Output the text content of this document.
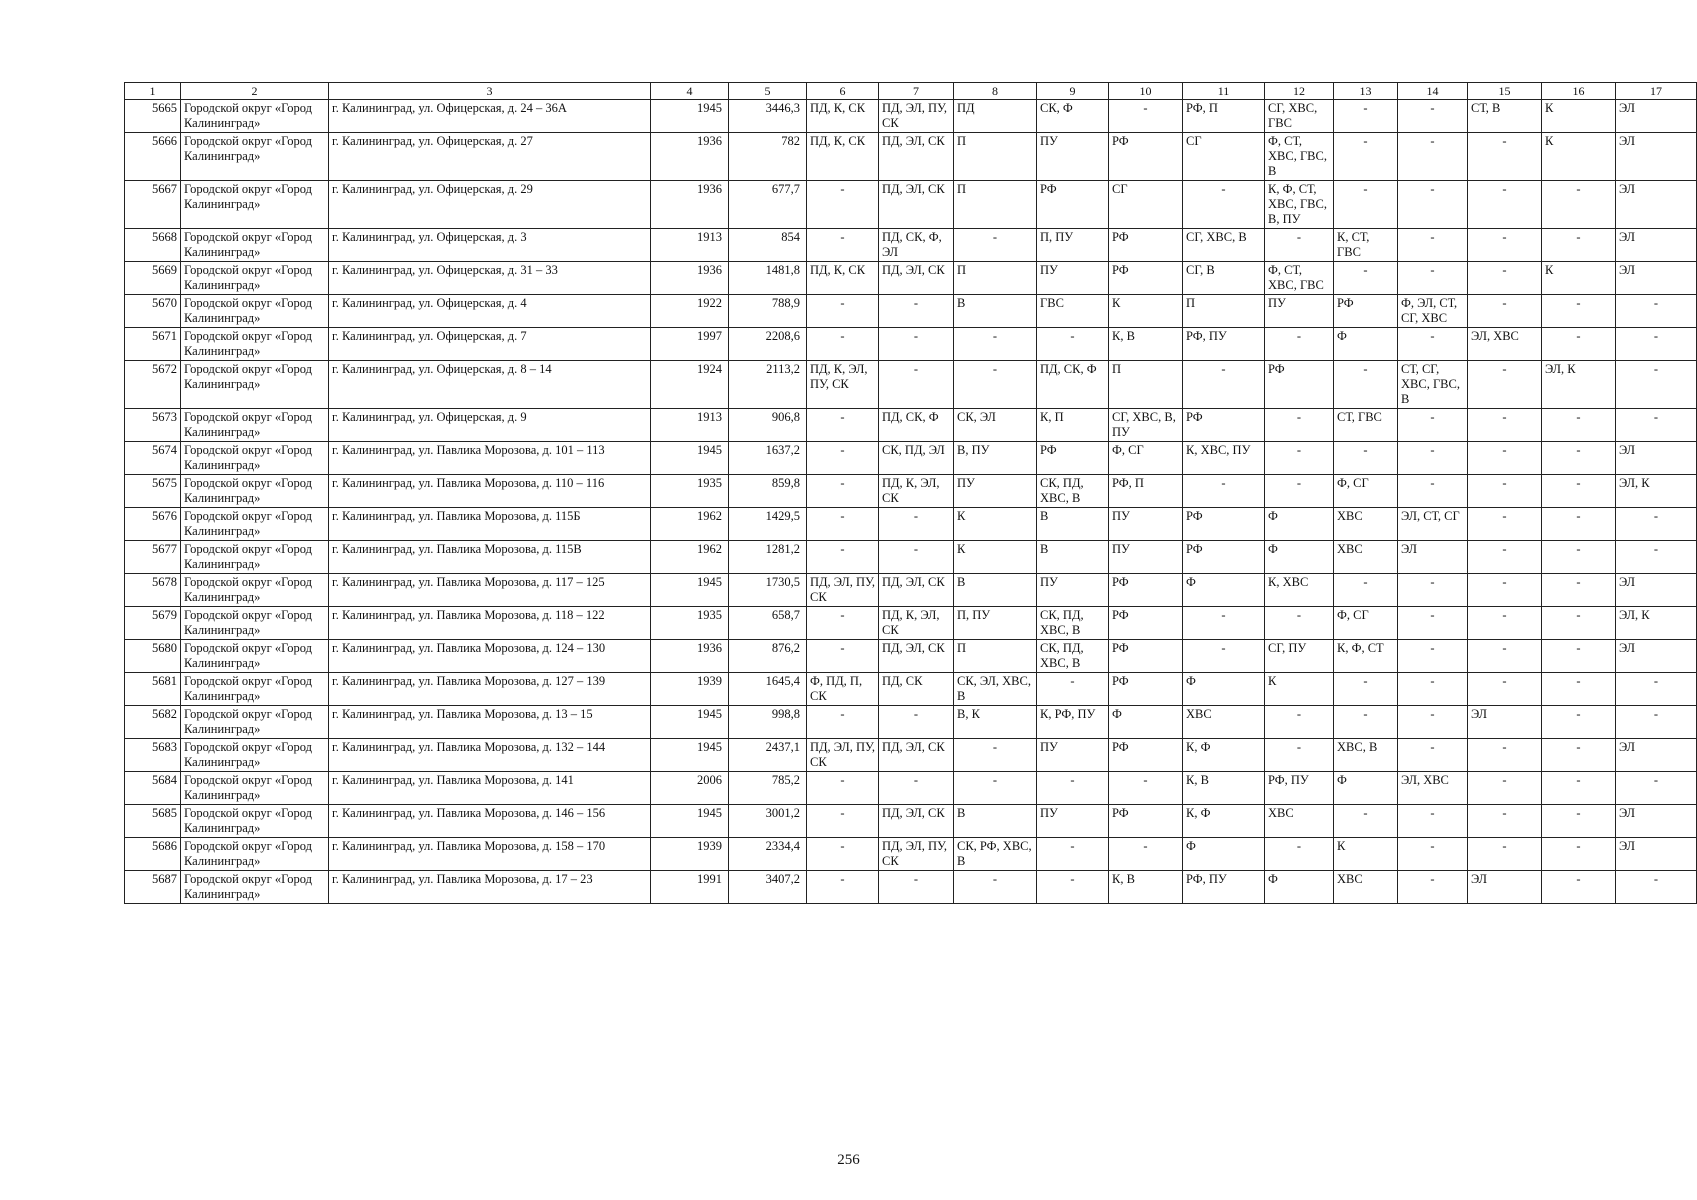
1	2	3	4	5	6	7	8	9	10	11	12	13	14	15	16	17
5665	Городской округ «Город Калининград»	г. Калининград, ул. Офицерская, д. 24 – 36А	1945	3446,3	ПД, К, СК	ПД, ЭЛ, ПУ, СК	ПД	СК, Ф	-	РФ, П	СГ, ХВС, ГВС	-	-	СТ, В	К	ЭЛ
5666	Городской округ «Город Калининград»	г. Калининград, ул. Офицерская, д. 27	1936	782	ПД, К, СК	ПД, ЭЛ, СК	П	ПУ	РФ	СГ	Ф, СТ, ХВС, ГВС, В	-	-	-	К	ЭЛ
5667	Городской округ «Город Калининград»	г. Калининград, ул. Офицерская, д. 29	1936	677,7	-	ПД, ЭЛ, СК	П	РФ	СГ	-	К, Ф, СТ, ХВС, ГВС, В, ПУ	-	-	-	-	ЭЛ
5668	Городской округ «Город Калининград»	г. Калининград, ул. Офицерская, д. 3	1913	854	-	ПД, СК, Ф, ЭЛ	-	П, ПУ	РФ	СГ, ХВС, В	-	К, СТ, ГВС	-	-	-	ЭЛ
5669	Городской округ «Город Калининград»	г. Калининград, ул. Офицерская, д. 31 – 33	1936	1481,8	ПД, К, СК	ПД, ЭЛ, СК	П	ПУ	РФ	СГ, В	Ф, СТ, ХВС, ГВС	-	-	-	К	ЭЛ
5670	Городской округ «Город Калининград»	г. Калининград, ул. Офицерская, д. 4	1922	788,9	-	-	В	ГВС	К	П	ПУ	РФ	Ф, ЭЛ, СТ, СГ, ХВС	-	-	-
5671	Городской округ «Город Калининград»	г. Калининград, ул. Офицерская, д. 7	1997	2208,6	-	-	-	-	К, В	РФ, ПУ	-	Ф	-	ЭЛ, ХВС	-	-
5672	Городской округ «Город Калининград»	г. Калининград, ул. Офицерская, д. 8 – 14	1924	2113,2	ПД, К, ЭЛ, ПУ, СК	-	-	ПД, СК, Ф	П	-	РФ	-	СТ, СГ, ХВС, ГВС, В	-	ЭЛ, К	-
5673	Городской округ «Город Калининград»	г. Калининград, ул. Офицерская, д. 9	1913	906,8	-	ПД, СК, Ф	СК, ЭЛ	К, П	СГ, ХВС, В, ПУ	РФ	-	СТ, ГВС	-	-	-	-
5674	Городской округ «Город Калининград»	г. Калининград, ул. Павлика Морозова, д. 101 – 113	1945	1637,2	-	СК, ПД, ЭЛ	В, ПУ	РФ	Ф, СГ	К, ХВС, ПУ	-	-	-	-	-	ЭЛ
5675	Городской округ «Город Калининград»	г. Калининград, ул. Павлика Морозова, д. 110 – 116	1935	859,8	-	ПД, К, ЭЛ, СК	ПУ	СК, ПД, ХВС, В	РФ, П	-	-	Ф, СГ	-	-	-	ЭЛ, К
5676	Городской округ «Город Калининград»	г. Калининград, ул. Павлика Морозова, д. 115Б	1962	1429,5	-	-	К	В	ПУ	РФ	Ф	ХВС	ЭЛ, СТ, СГ	-	-	-
5677	Городской округ «Город Калининград»	г. Калининград, ул. Павлика Морозова, д. 115В	1962	1281,2	-	-	К	В	ПУ	РФ	Ф	ХВС	ЭЛ	-	-	-
5678	Городской округ «Город Калининград»	г. Калининград, ул. Павлика Морозова, д. 117 – 125	1945	1730,5	ПД, ЭЛ, ПУ, СК	ПД, ЭЛ, СК	В	ПУ	РФ	Ф	К, ХВС	-	-	-	-	ЭЛ
5679	Городской округ «Город Калининград»	г. Калининград, ул. Павлика Морозова, д. 118 – 122	1935	658,7	-	ПД, К, ЭЛ, СК	П, ПУ	СК, ПД, ХВС, В	РФ	-	-	Ф, СГ	-	-	-	ЭЛ, К
5680	Городской округ «Город Калининград»	г. Калининград, ул. Павлика Морозова, д. 124 – 130	1936	876,2	-	ПД, ЭЛ, СК	П	СК, ПД, ХВС, В	РФ	-	СГ, ПУ	К, Ф, СТ	-	-	-	ЭЛ
5681	Городской округ «Город Калининград»	г. Калининград, ул. Павлика Морозова, д. 127 – 139	1939	1645,4	Ф, ПД, П, СК	ПД, СК	СК, ЭЛ, ХВС, В	-	РФ	Ф	К	-	-	-	-	-
5682	Городской округ «Город Калининград»	г. Калининград, ул. Павлика Морозова, д. 13 – 15	1945	998,8	-	-	В, К	К, РФ, ПУ	Ф	ХВС	-	-	-	ЭЛ	-	-
5683	Городской округ «Город Калининград»	г. Калининград, ул. Павлика Морозова, д. 132 – 144	1945	2437,1	ПД, ЭЛ, ПУ, СК	ПД, ЭЛ, СК	-	ПУ	РФ	К, Ф	-	ХВС, В	-	-	-	ЭЛ
5684	Городской округ «Город Калининград»	г. Калининград, ул. Павлика Морозова, д. 141	2006	785,2	-	-	-	-	-	К, В	РФ, ПУ	Ф	ЭЛ, ХВС	-	-	-
5685	Городской округ «Город Калининград»	г. Калининград, ул. Павлика Морозова, д. 146 – 156	1945	3001,2	-	ПД, ЭЛ, СК	В	ПУ	РФ	К, Ф	ХВС	-	-	-	-	ЭЛ
5686	Городской округ «Город Калининград»	г. Калининград, ул. Павлика Морозова, д. 158 – 170	1939	2334,4	-	ПД, ЭЛ, ПУ, СК	СК, РФ, ХВС, В	-	-	Ф	-	К	-	-	-	ЭЛ
5687	Городской округ «Город Калининград»	г. Калининград, ул. Павлика Морозова, д. 17 – 23	1991	3407,2	-	-	-	-	К, В	РФ, ПУ	Ф	ХВС	-	ЭЛ	-	-
256
